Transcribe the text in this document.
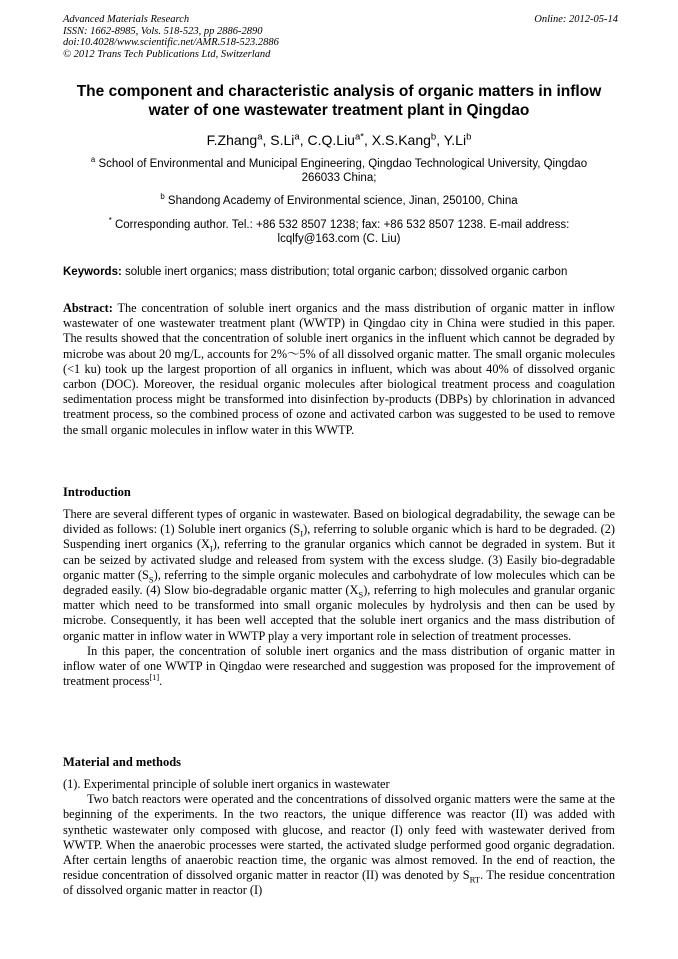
Advanced Materials Research
ISSN: 1662-8985, Vols. 518-523, pp 2886-2890
doi:10.4028/www.scientific.net/AMR.518-523.2886
© 2012 Trans Tech Publications Ltd, Switzerland
Online: 2012-05-14
The component and characteristic analysis of organic matters in inflow
water of one wastewater treatment plant in Qingdao
F.Zhang$^a$, S.Li$^a$, C.Q.Liu$^{a*}$, X.S.Kang$^b$, Y.Li$^b$
$^a$ School of Environmental and Municipal Engineering, Qingdao Technological University, Qingdao
266033 China;
$^b$ Shandong Academy of Environmental science, Jinan, 250100, China
* Corresponding author. Tel.: +86 532 8507 1238; fax: +86 532 8507 1238. E-mail address:
lcqlfy@163.com (C. Liu)
Keywords: soluble inert organics; mass distribution; total organic carbon; dissolved organic carbon

Abstract: The concentration of soluble inert organics and the mass distribution of organic matter in inflow wastewater of one wastewater treatment plant (WWTP) in Qingdao city in China were studied in this paper. The results showed that the concentration of soluble inert organics in the influent which cannot be degraded by microbe was about 20 mg/L, accounts for 2%～5% of all dissolved organic matter. The small organic molecules (<1 ku) took up the largest proportion of all organics in influent, which was about 40% of dissolved organic carbon (DOC). Moreover, the residual organic molecules after biological treatment process and coagulation sedimentation process might be transformed into disinfection by-products (DBPs) by chlorination in advanced treatment process, so the combined process of ozone and activated carbon was suggested to be used to remove the small organic molecules in inflow water in this WWTP.

Introduction

There are several different types of organic in wastewater. Based on biological degradability, the sewage can be divided as follows: (1) Soluble inert organics $(S_I)$, referring to soluble organic which is hard to be degraded. (2) Suspending inert organics $(X_I)$, referring to the granular organics which cannot be degraded in system. But it can be seized by activated sludge and released from system with the excess sludge. (3) Easily bio-degradable organic matter $(S_S)$, referring to the simple organic molecules and carbohydrate of low molecules which can be degraded easily. (4) Slow bio-degradable organic matter $(X_S)$, referring to high molecules and granular organic matter which need to be transformed into small organic molecules by hydrolysis and then can be used by microbe. Consequently, it has been well accepted that the soluble inert organics and the mass distribution of organic matter in inflow water in WWTP play a very important role in selection of treatment processes.

In this paper, the concentration of soluble inert organics and the mass distribution of organic matter in inflow water of one WWTP in Qingdao were researched and suggestion was proposed for the improvement of treatment process[1].

Material and methods

(1). Experimental principle of soluble inert organics in wastewater

Two batch reactors were operated and the concentrations of dissolved organic matters were the same at the beginning of the experiments. In the two reactors, the unique difference was reactor (II) was added with synthetic wastewater only composed with glucose, and reactor (I) only feed with wastewater derived from WWTP. When the anaerobic processes were started, the activated sludge performed good organic degradation. After certain lengths of anaerobic reaction time, the organic was almost removed. In the end of reaction, the residue concentration of dissolved organic matter in reactor (II) was denoted by $S_{RT}$. The residue concentration of dissolved organic matter in reactor (I)
